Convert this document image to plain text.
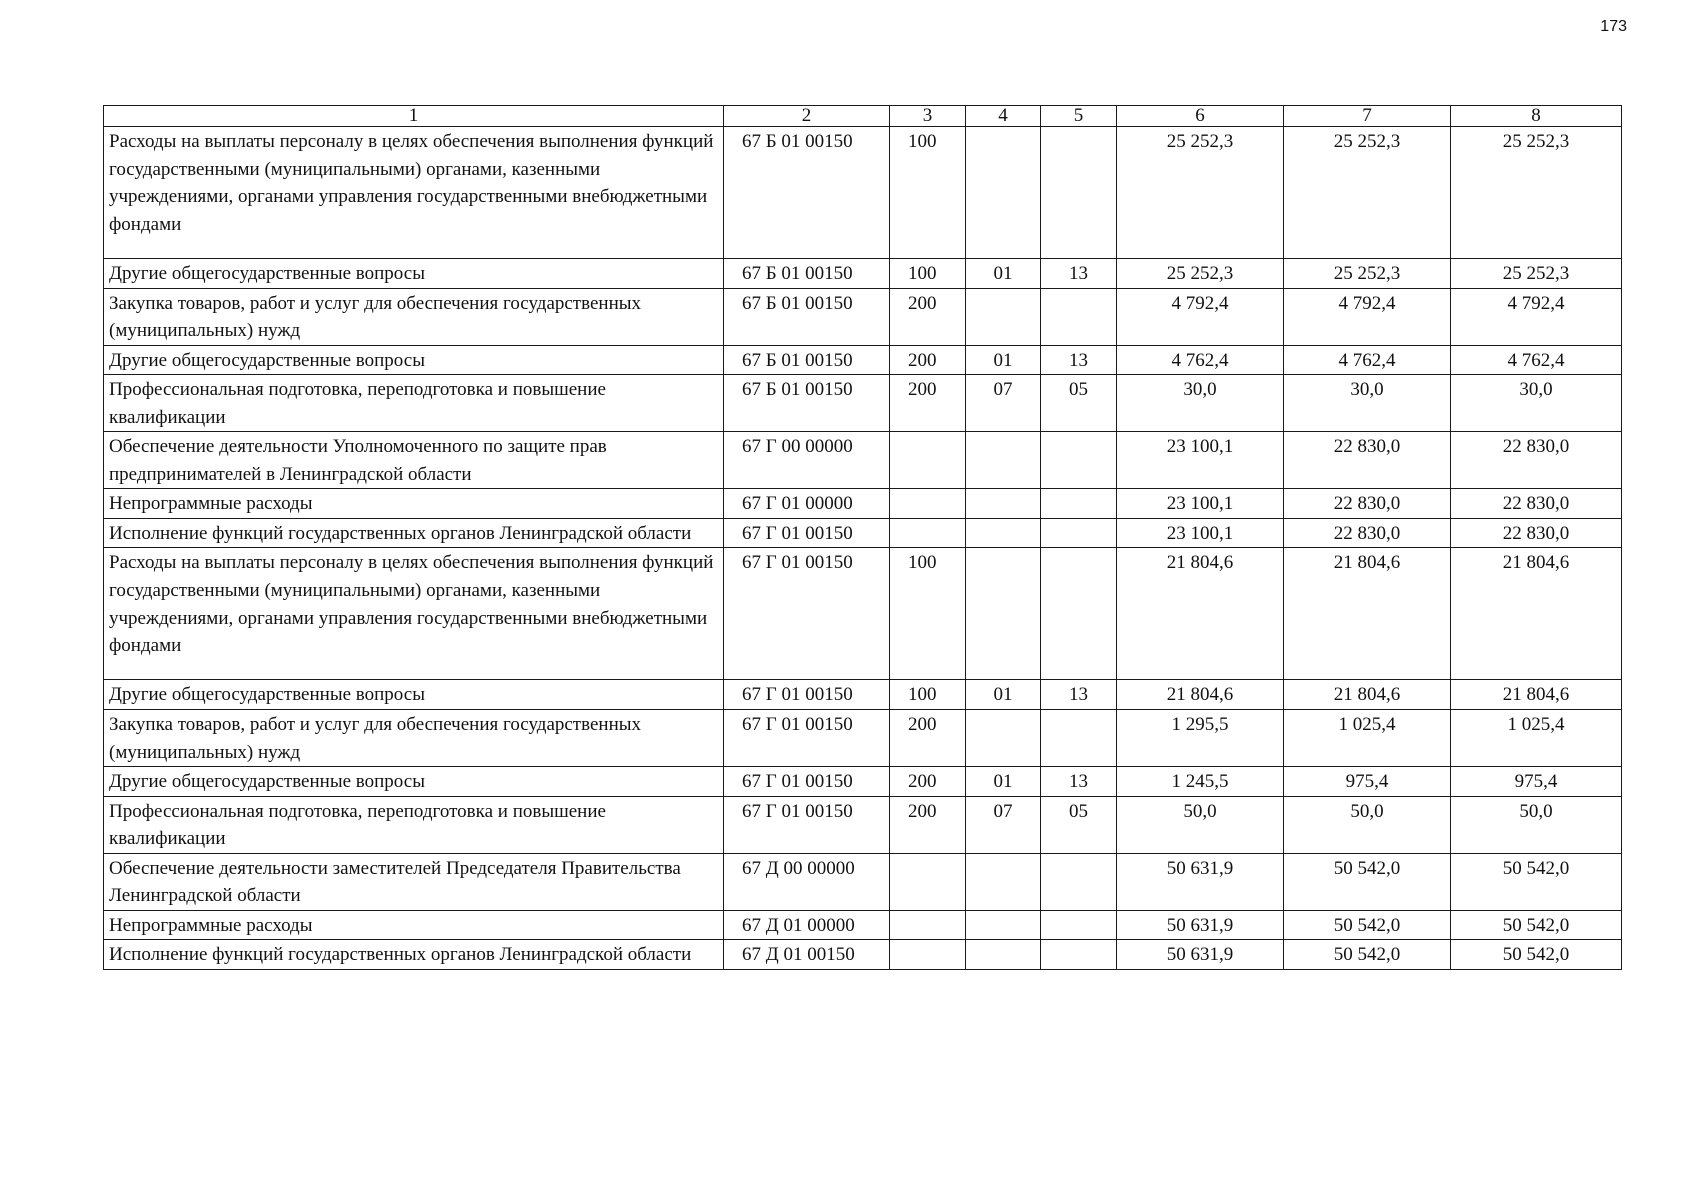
173
1	2	3	4	5	6	7	8
Расходы на выплаты персоналу в целях обеспечения выполнения функций государственными (муниципальными) органами, казенными учреждениями, органами управления государственными внебюджетными фондами	67 Б 01 00150	100			25 252,3	25 252,3	25 252,3
Другие общегосударственные вопросы	67 Б 01 00150	100	01	13	25 252,3	25 252,3	25 252,3
Закупка товаров, работ и услуг для обеспечения государственных (муниципальных) нужд	67 Б 01 00150	200			4 792,4	4 792,4	4 792,4
Другие общегосударственные вопросы	67 Б 01 00150	200	01	13	4 762,4	4 762,4	4 762,4
Профессиональная подготовка, переподготовка и повышение квалификации	67 Б 01 00150	200	07	05	30,0	30,0	30,0
Обеспечение деятельности Уполномоченного по защите прав предпринимателей в Ленинградской области	67 Г 00 00000				23 100,1	22 830,0	22 830,0
Непрограммные расходы	67 Г 01 00000				23 100,1	22 830,0	22 830,0
Исполнение функций государственных органов Ленинградской области	67 Г 01 00150				23 100,1	22 830,0	22 830,0
Расходы на выплаты персоналу в целях обеспечения выполнения функций государственными (муниципальными) органами, казенными учреждениями, органами управления государственными внебюджетными фондами	67 Г 01 00150	100			21 804,6	21 804,6	21 804,6
Другие общегосударственные вопросы	67 Г 01 00150	100	01	13	21 804,6	21 804,6	21 804,6
Закупка товаров, работ и услуг для обеспечения государственных (муниципальных) нужд	67 Г 01 00150	200			1 295,5	1 025,4	1 025,4
Другие общегосударственные вопросы	67 Г 01 00150	200	01	13	1 245,5	975,4	975,4
Профессиональная подготовка, переподготовка и повышение квалификации	67 Г 01 00150	200	07	05	50,0	50,0	50,0
Обеспечение деятельности заместителей Председателя Правительства Ленинградской области	67 Д 00 00000				50 631,9	50 542,0	50 542,0
Непрограммные расходы	67 Д 01 00000				50 631,9	50 542,0	50 542,0
Исполнение функций государственных органов Ленинградской области	67 Д 01 00150				50 631,9	50 542,0	50 542,0
